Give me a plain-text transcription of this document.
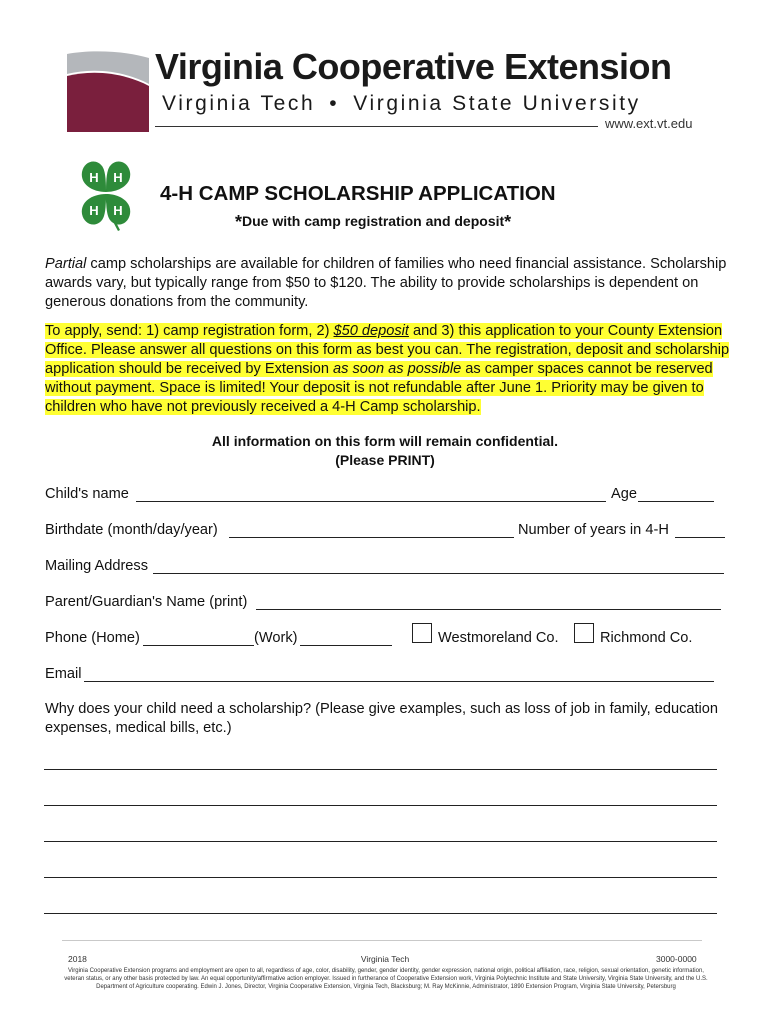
Virginia Cooperative Extension
Virginia Tech • Virginia State University
www.ext.vt.edu
H H
H H
4-H CAMP SCHOLARSHIP APPLICATION
*Due with camp registration and deposit*
Partial camp scholarships are available for children of families who need financial assistance. Scholarship awards vary, but typically range from $50 to $120. The ability to provide scholarships is dependent on generous donations from the community.
To apply, send: 1) camp registration form, 2) $50 deposit and 3) this application to your County Extension Office. Please answer all questions on this form as best you can. The registration, deposit and scholarship application should be received by Extension as soon as possible as camper spaces cannot be reserved without payment. Space is limited! Your deposit is not refundable after June 1. Priority may be given to children who have not previously received a 4-H Camp scholarship.
All information on this form will remain confidential.
(Please PRINT)
Child's name	Age
Birthdate (month/day/year)	Number of years in 4-H
Mailing Address
Parent/Guardian's Name (print)
Phone (Home)	(Work)	Westmoreland Co.	Richmond Co.
Email
Why does your child need a scholarship? (Please give examples, such as loss of job in family, education expenses, medical bills, etc.)
2018	Virginia Tech	3000-0000
Virginia Cooperative Extension programs and employment are open to all, regardless of age, color, disability, gender, gender identity, gender expression, national origin, political affiliation, race, religion, sexual orientation, genetic information, veteran status, or any other basis protected by law. An equal opportunity/affirmative action employer. Issued in furtherance of Cooperative Extension work, Virginia Polytechnic Institute and State University, Virginia State University, and the U.S. Department of Agriculture cooperating. Edwin J. Jones, Director, Virginia Cooperative Extension, Virginia Tech, Blacksburg; M. Ray McKinnie, Administrator, 1890 Extension Program, Virginia State University, Petersburg
